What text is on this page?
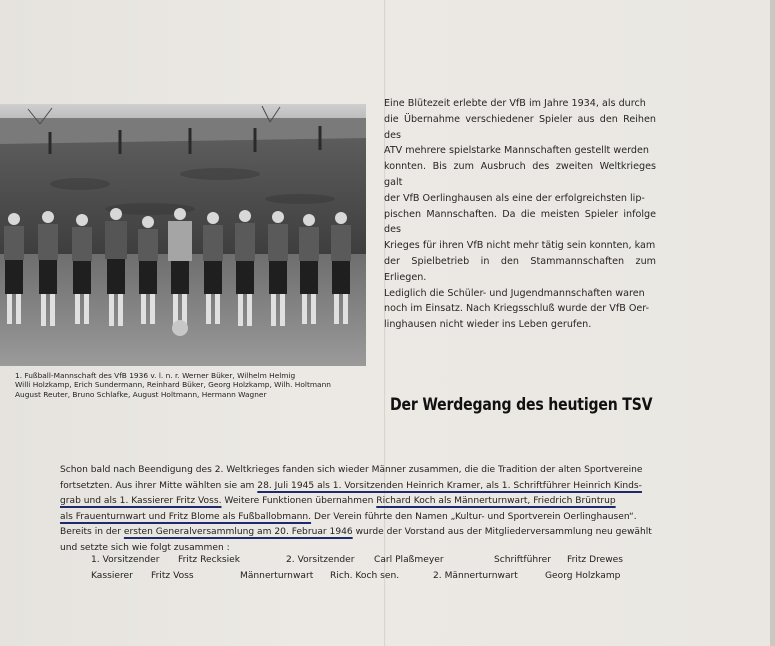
1. Fußball-Mannschaft des VfB 1936 v. l. n. r. Werner Büker, Wilhelm Helmig
Willi Holzkamp, Erich Sundermann, Reinhard Büker, Georg Holzkamp, Wilh. Holtmann
August Reuter, Bruno Schlafke, August Holtmann, Hermann Wagner
Eine Blütezeit erlebte der VfB im Jahre 1934, als durch
die Übernahme verschiedener Spieler aus den Reihen des
ATV mehrere spielstarke Mannschaften gestellt werden
konnten. Bis zum Ausbruch des zweiten Weltkrieges galt
der VfB Oerlinghausen als eine der erfolgreichsten lip-
pischen Mannschaften. Da die meisten Spieler infolge des
Krieges für ihren VfB nicht mehr tätig sein konnten, kam
der Spielbetrieb in den Stammannschaften zum Erliegen.
Lediglich die Schüler- und Jugendmannschaften waren
noch im Einsatz. Nach Kriegsschluß wurde der VfB Oer-
linghausen nicht wieder ins Leben gerufen.
Der Werdegang des heutigen TSV
Schon bald nach Beendigung des 2. Weltkrieges fanden sich wieder Männer zusammen, die die Tradition der alten Sportvereine
fortsetzten. Aus ihrer Mitte wählten sie am 28. Juli 1945 als 1. Vorsitzenden Heinrich Kramer, als 1. Schriftführer Heinrich Kinds-
grab und als 1. Kassierer Fritz Voss. Weitere Funktionen übernahmen Richard Koch als Männerturnwart, Friedrich Brüntrup
als Frauenturnwart und Fritz Blome als Fußballobmann. Der Verein führte den Namen „Kultur- und Sportverein Oerlinghausen“.
Bereits in der ersten Generalversammlung am 20. Februar 1946 wurde der Vorstand aus der Mitgliederversammlung neu gewählt
und setzte sich wie folgt zusammen :
1. Vorsitzender Fritz Recksiek	2. Vorsitzender Carl Plaßmeyer	Schriftführer Fritz Drewes
Kassierer Fritz Voss	Männerturnwart Rich. Koch sen.	2. Männerturnwart	Georg Holzkamp
